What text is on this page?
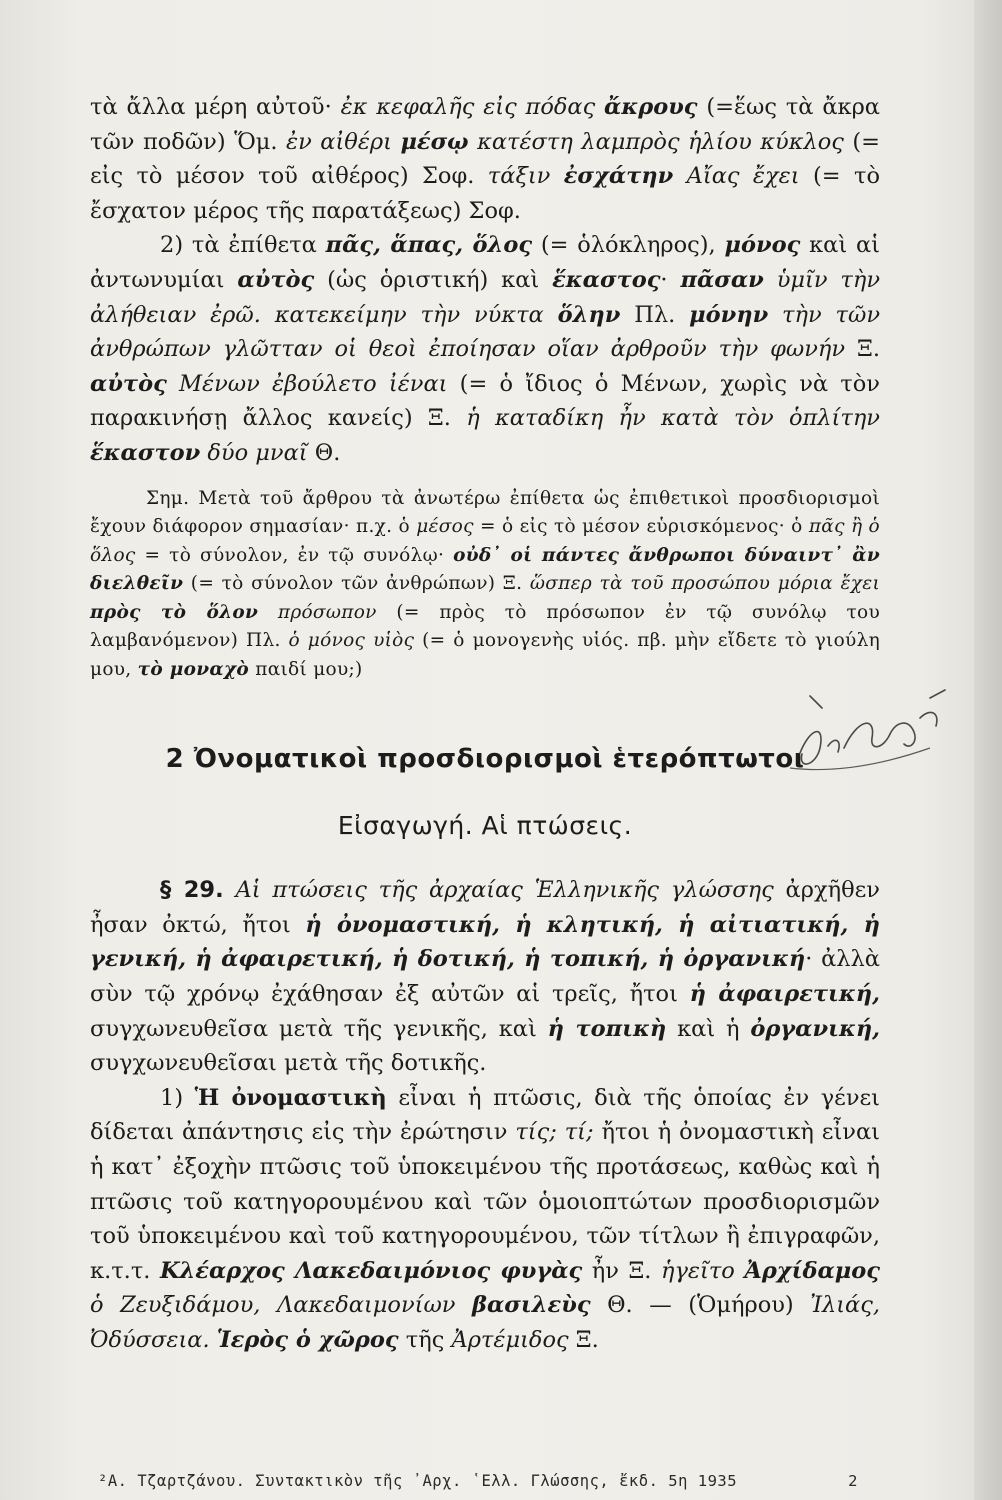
τὰ ἄλλα μέρη αὐτοῦ· ἐκ κεφαλῆς εἰς πόδας ἄκρους (=ἕως τὰ ἄκρα τῶν ποδῶν) Ὅμ. ἐν αἰθέρι μέσῳ κατέστη λαμπρὸς ἡλίου κύκλος (= εἰς τὸ μέσον τοῦ αἰθέρος) Σοφ. τάξιν ἐσχάτην Αἴας ἔχει (= τὸ ἔσχατον μέρος τῆς παρατάξεως) Σοφ.

2) τὰ ἐπίθετα πᾶς, ἅπας, ὅλος (= ὁλόκληρος), μόνος καὶ αἱ ἀντωνυμίαι αὐτὸς (ὡς ὁριστική) καὶ ἕκαστος· πᾶσαν ὑμῖν τὴν ἀλήθειαν ἐρῶ. κατεκείμην τὴν νύκτα ὅλην Πλ. μόνην τὴν τῶν ἀνθρώπων γλῶτταν οἱ θεοὶ ἐποίησαν οἵαν ἀρθροῦν τὴν φωνήν Ξ. αὐτὸς Μένων ἐβούλετο ἰέναι (= ὁ ἴδιος ὁ Μένων, χωρὶς νὰ τὸν παρακινήσῃ ἄλλος κανείς) Ξ. ἡ καταδίκη ἦν κατὰ τὸν ὁπλίτην ἕκαστον δύο μναῖ Θ.

Σημ. Μετὰ τοῦ ἄρθρου τὰ ἀνωτέρω ἐπίθετα ὡς ἐπιθετικοὶ προσδιορισμοὶ ἔχουν διάφορον σημασίαν· π.χ. ὁ μέσος = ὁ εἰς τὸ μέσον εὑρισκόμενος· ὁ πᾶς ἢ ὁ ὅλος = τὸ σύνολον, ἐν τῷ συνόλῳ· οὐδ᾽ οἱ πάντες ἄνθρωποι δύναιντ᾽ ἂν διελθεῖν (= τὸ σύνολον τῶν ἀνθρώπων) Ξ. ὥσπερ τὰ τοῦ προσώπου μόρια ἔχει πρὸς τὸ ὅλον πρόσωπον (= πρὸς τὸ πρόσωπον ἐν τῷ συνόλῳ του λαμβανόμενον) Πλ. ὁ μόνος υἱὸς (= ὁ μονογενὴς υἱός. πβ. μὴν εἴδετε τὸ γιούλη μου, τὸ μοναχὸ παιδί μου;)

2 Ὀνοματικοὶ προσδιορισμοὶ ἑτερόπτωτοι

Εἰσαγωγή. Αἱ πτώσεις.

§ 29. Αἱ πτώσεις τῆς ἀρχαίας Ἑλληνικῆς γλώσσης ἀρχῆθεν ἦσαν ὀκτώ, ἤτοι ἡ ὀνομαστική, ἡ κλητική, ἡ αἰτιατική, ἡ γενική, ἡ ἀφαιρετική, ἡ δοτική, ἡ τοπική, ἡ ὀργανική· ἀλλὰ σὺν τῷ χρόνῳ ἐχάθησαν ἐξ αὐτῶν αἱ τρεῖς, ἤτοι ἡ ἀφαιρετική, συγχωνευθεῖσα μετὰ τῆς γενικῆς, καὶ ἡ τοπικὴ καὶ ἡ ὀργανική, συγχωνευθεῖσαι μετὰ τῆς δοτικῆς.

1) Ἡ ὀνομαστικὴ εἶναι ἡ πτῶσις, διὰ τῆς ὁποίας ἐν γένει δίδεται ἀπάντησις εἰς τὴν ἐρώτησιν τίς; τί; ἤτοι ἡ ὀνομαστικὴ εἶναι ἡ κατ᾽ ἐξοχὴν πτῶσις τοῦ ὑποκειμένου τῆς προτάσεως, καθὼς καὶ ἡ πτῶσις τοῦ κατηγορουμένου καὶ τῶν ὁμοιοπτώτων προσδιορισμῶν τοῦ ὑποκειμένου καὶ τοῦ κατηγορουμένου, τῶν τίτλων ἢ ἐπιγραφῶν, κ.τ.τ. Κλέαρχος Λακεδαιμόνιος φυγὰς ἦν Ξ. ἡγεῖτο Ἀρχίδαμος ὁ Ζευξιδάμου, Λακεδαιμονίων βασιλεὺς Θ. — (Ὁμήρου) Ἰλιάς, Ὀδύσσεια. Ἱερὸς ὁ χῶρος τῆς Ἀρτέμιδος Ξ.

²Α. Τζαρτζάνου. Συντακτικὸν τῆς ᾽Αρχ. ῾Ελλ. Γλώσσης, ἔκδ. 5η 1935	2
